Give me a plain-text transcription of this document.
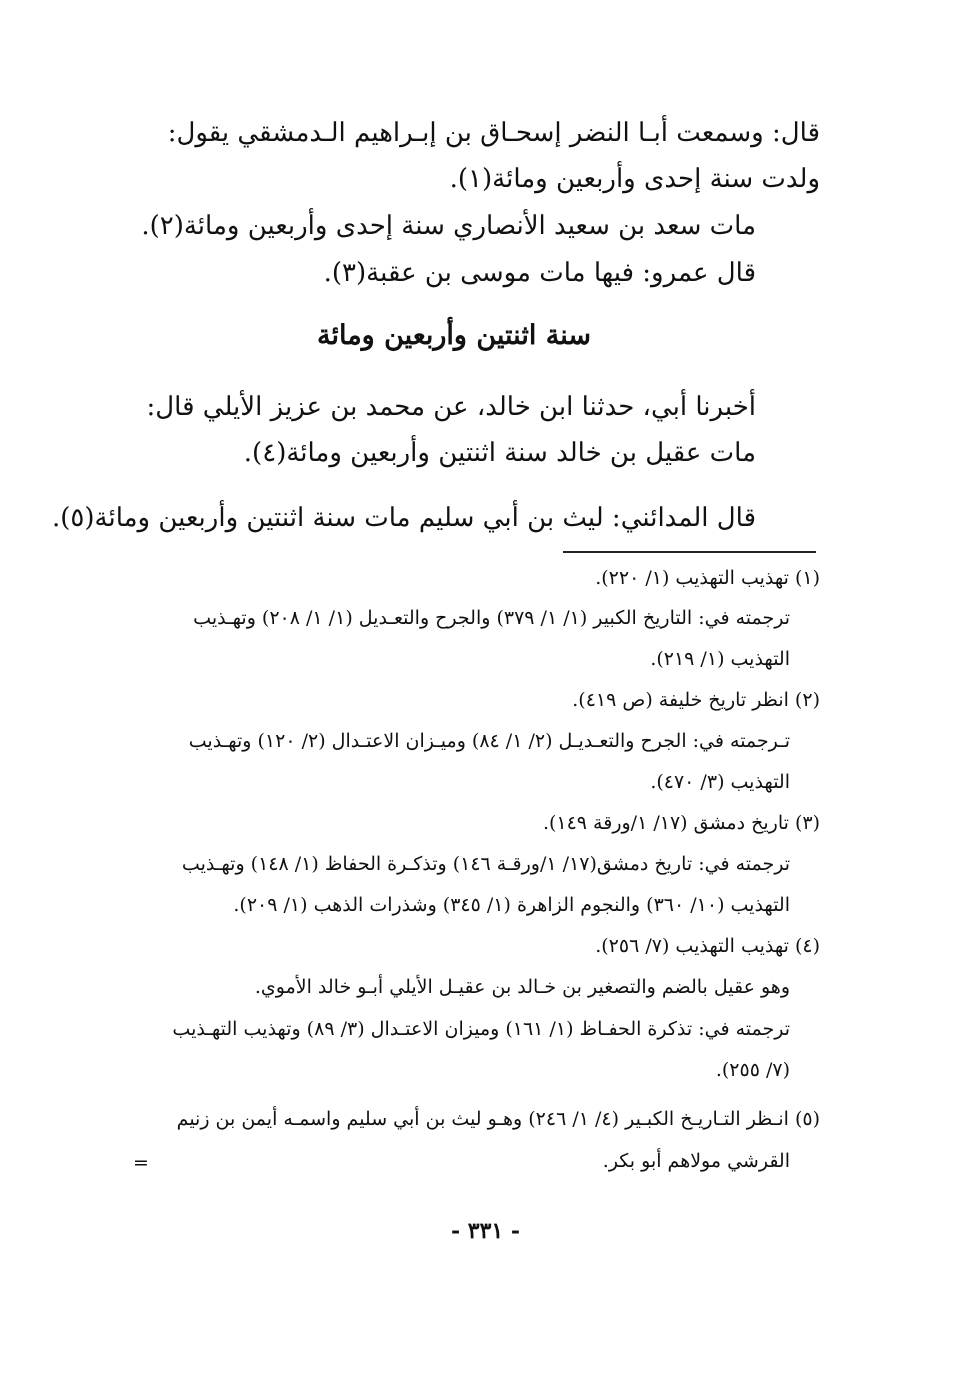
قال: وسمعت أبـا النضر إسحـاق بن إبـراهيم الـدمشقي يقول:
ولدت سنة إحدى وأربعين ومائة(١).
مات سعد بن سعيد الأنصاري سنة إحدى وأربعين ومائة(٢).
قال عمرو: فيها مات موسى بن عقبة(٣).
سنة اثنتين وأربعين ومائة
أخبرنا أبي، حدثنا ابن خالد، عن محمد بن عزيز الأيلي قال:
مات عقيل بن خالد سنة اثنتين وأربعين ومائة(٤).
قال المدائني: ليث بن أبي سليم مات سنة اثنتين وأربعين ومائة(٥).
(١) تهذيب التهذيب (١/ ٢٢٠).
ترجمته في: التاريخ الكبير (١/ ١/ ٣٧٩) والجرح والتعـديل (١/ ١/ ٢٠٨) وتهـذيب
التهذيب (١/ ٢١٩).
(٢) انظر تاريخ خليفة (ص ٤١٩).
تـرجمته في: الجرح والتعـديـل (٢/ ١/ ٨٤) وميـزان الاعتـدال (٢/ ١٢٠) وتهـذيب
التهذيب (٣/ ٤٧٠).
(٣) تاريخ دمشق (١٧/ ١/ورقة ١٤٩).
ترجمته في: تاريخ دمشق(١٧/ ١/ورقـة ١٤٦) وتذكـرة الحفاظ (١/ ١٤٨) وتهـذيب
التهذيب (١٠/ ٣٦٠) والنجوم الزاهرة (١/ ٣٤٥) وشذرات الذهب (١/ ٢٠٩).
(٤) تهذيب التهذيب (٧/ ٢٥٦).
وهو عقيل بالضم والتصغير بن خـالد بن عقيـل الأيلي أبـو خالد الأموي.
ترجمته في: تذكرة الحفـاظ (١/ ١٦١) وميزان الاعتـدال (٣/ ٨٩) وتهذيب التهـذيب
(٧/ ٢٥٥).
(٥) انـظر التـاريـخ الكبـير (٤/ ١/ ٢٤٦) وهـو ليث بن أبي سليم واسمـه أيمن بن زنيم
القرشي مولاهم أبو بكر.
=
- ٣٣١ -
